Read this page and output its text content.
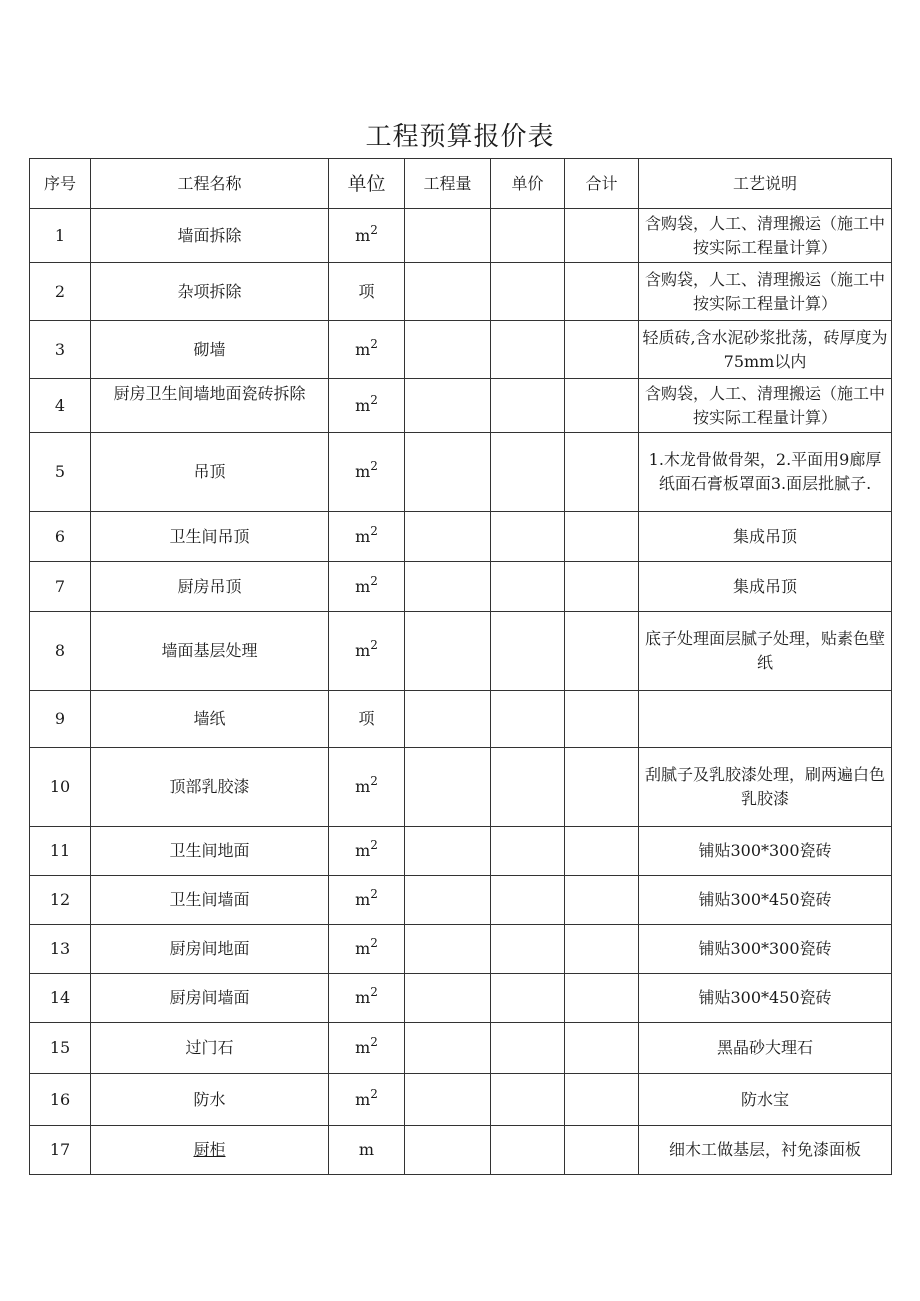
工程预算报价表
序号	工程名称	单位	工程量	单价	合计	工艺说明
1	墙面拆除	$m^2$				含购袋，人工、清理搬运（施工中按实际工程量计算）
2	杂项拆除	项				含购袋，人工、清理搬运（施工中按实际工程量计算）
3	砌墙	$m^2$				轻质砖,含水泥砂浆批荡，砖厚度为75mm以内
4	厨房卫生间墙地面瓷砖拆除	$m^2$				含购袋，人工、清理搬运（施工中按实际工程量计算）
5	吊顶	$m^2$				1.木龙骨做骨架，2.平面用9廊厚纸面石膏板罩面3.面层批腻子.
6	卫生间吊顶	$m^2$				集成吊顶
7	厨房吊顶	$m^2$				集成吊顶
8	墙面基层处理	$m^2$				底子处理面层腻子处理，贴素色壁纸
9	墙纸	项				
10	顶部乳胶漆	$m^2$				刮腻子及乳胶漆处理，刷两遍白色乳胶漆
11	卫生间地面	$m^2$				铺贴300*300瓷砖
12	卫生间墙面	$m^2$				铺贴300*450瓷砖
13	厨房间地面	$m^2$				铺贴300*300瓷砖
14	厨房间墙面	$m^2$				铺贴300*450瓷砖
15	过门石	$m^2$				黑晶砂大理石
16	防水	$m^2$				防水宝
17	厨柜	m				细木工做基层，衬免漆面板
